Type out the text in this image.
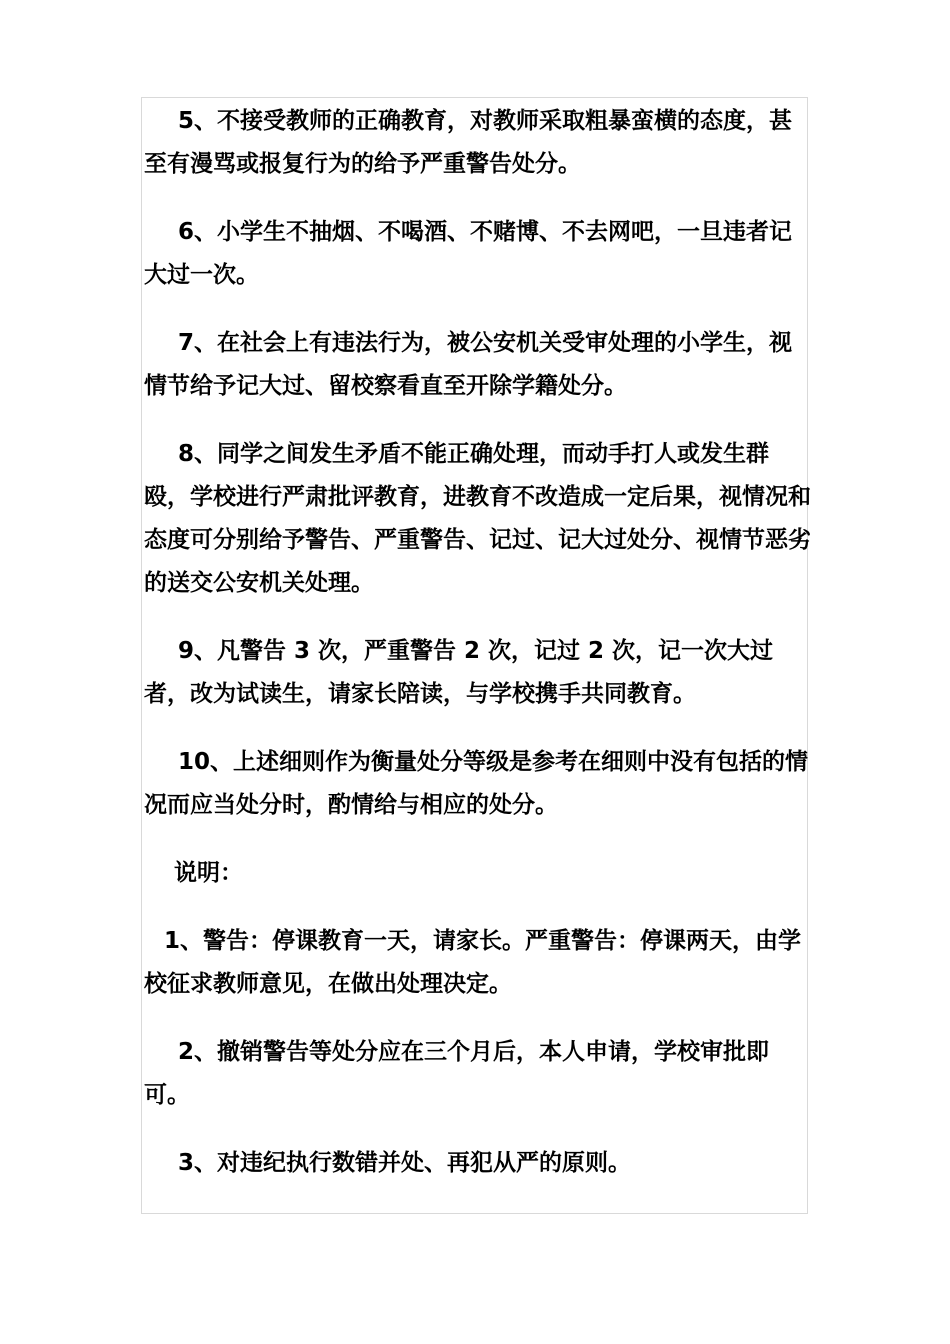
5、不接受教师的正确教育，对教师采取粗暴蛮横的态度，甚至有漫骂或报复行为的给予严重警告处分。

6、小学生不抽烟、不喝酒、不赌博、不去网吧，一旦违者记大过一次。

7、在社会上有违法行为，被公安机关受审处理的小学生，视情节给予记大过、留校察看直至开除学籍处分。

8、同学之间发生矛盾不能正确处理，而动手打人或发生群殴，学校进行严肃批评教育，进教育不改造成一定后果，视情况和态度可分别给予警告、严重警告、记过、记大过处分、视情节恶劣的送交公安机关处理。

9、凡警告 3 次，严重警告 2 次，记过 2 次，记一次大过者，改为试读生，请家长陪读，与学校携手共同教育。

10、上述细则作为衡量处分等级是参考在细则中没有包括的情况而应当处分时，酌情给与相应的处分。

说明：

1、警告：停课教育一天，请家长。严重警告：停课两天，由学校征求教师意见，在做出处理决定。

2、撤销警告等处分应在三个月后，本人申请，学校审批即可。

3、对违纪执行数错并处、再犯从严的原则。
